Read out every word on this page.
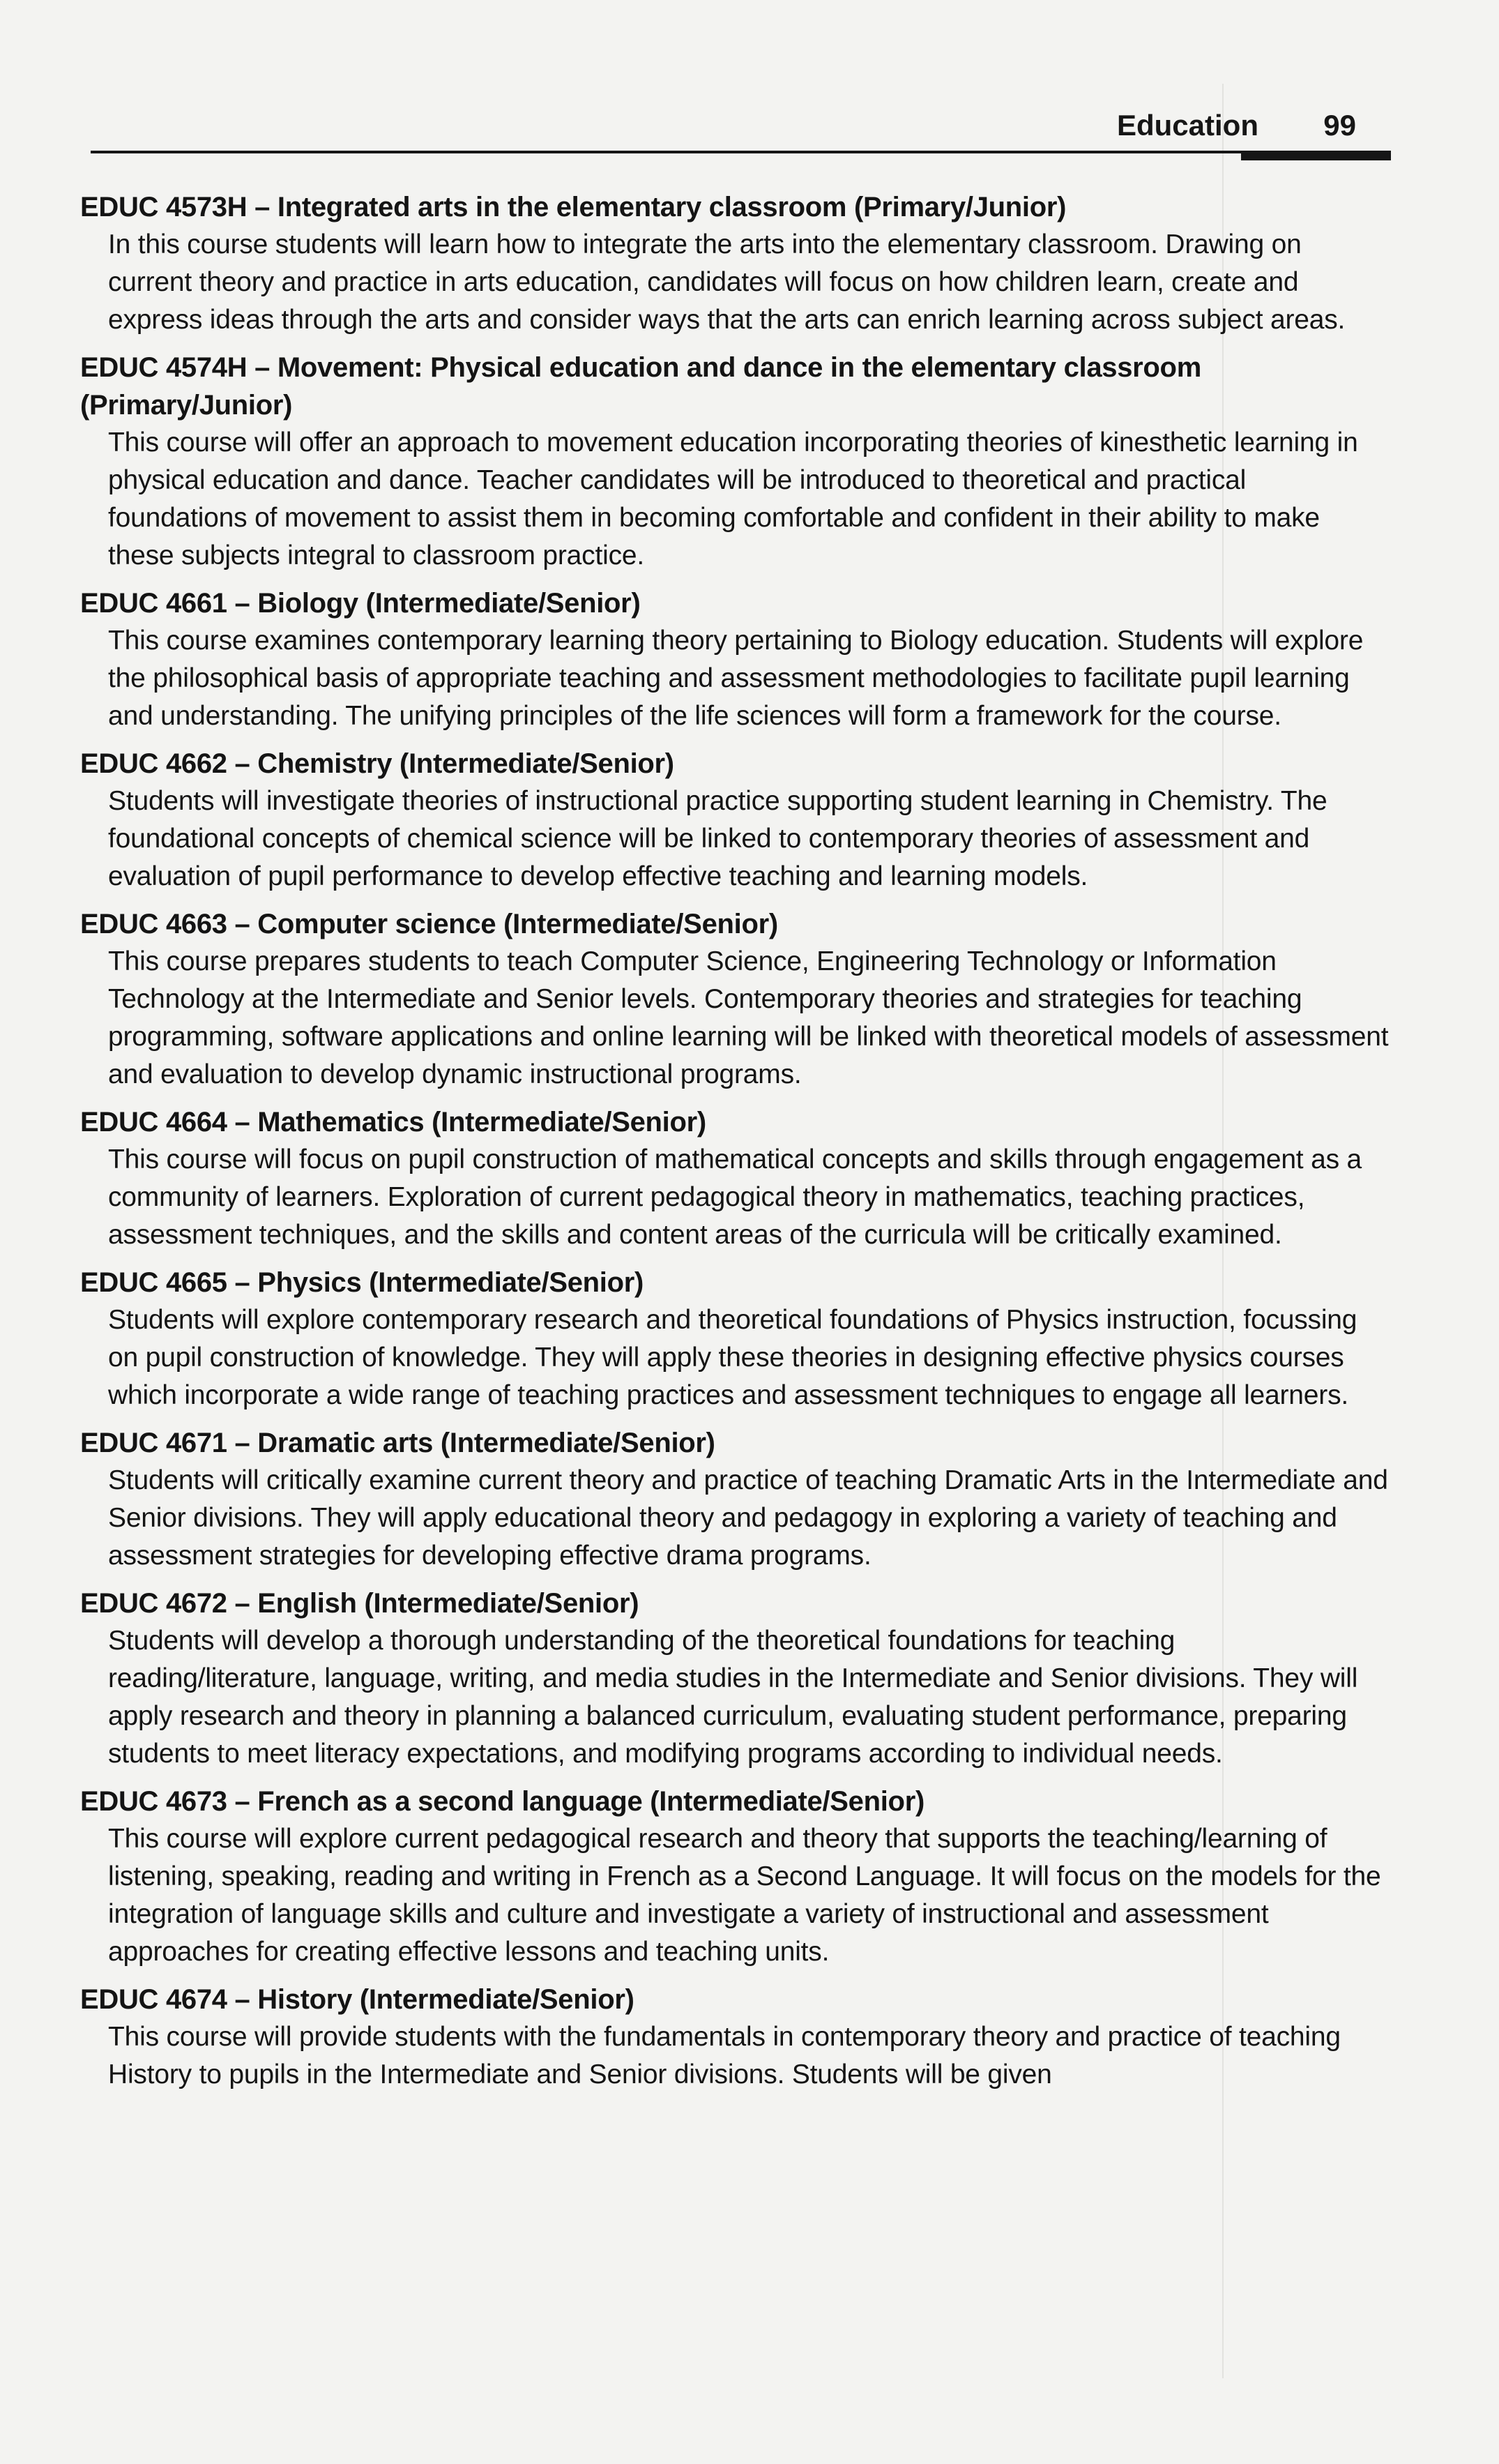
Education 99
EDUC 4573H – Integrated arts in the elementary classroom (Primary/Junior)
In this course students will learn how to integrate the arts into the elementary classroom. Drawing on current theory and practice in arts education, candidates will focus on how children learn, create and express ideas through the arts and consider ways that the arts can enrich learning across subject areas.
EDUC 4574H – Movement: Physical education and dance in the elementary classroom (Primary/Junior)
This course will offer an approach to movement education incorporating theories of kinesthetic learning in physical education and dance. Teacher candidates will be introduced to theoretical and practical foundations of movement to assist them in becoming comfortable and confident in their ability to make these subjects integral to classroom practice.
EDUC 4661 – Biology (Intermediate/Senior)
This course examines contemporary learning theory pertaining to Biology education. Students will explore the philosophical basis of appropriate teaching and assessment methodologies to facilitate pupil learning and understanding. The unifying principles of the life sciences will form a framework for the course.
EDUC 4662 – Chemistry (Intermediate/Senior)
Students will investigate theories of instructional practice supporting student learning in Chemistry. The foundational concepts of chemical science will be linked to contemporary theories of assessment and evaluation of pupil performance to develop effective teaching and learning models.
EDUC 4663 – Computer science (Intermediate/Senior)
This course prepares students to teach Computer Science, Engineering Technology or Information Technology at the Intermediate and Senior levels. Contemporary theories and strategies for teaching programming, software applications and online learning will be linked with theoretical models of assessment and evaluation to develop dynamic instructional programs.
EDUC 4664 – Mathematics (Intermediate/Senior)
This course will focus on pupil construction of mathematical concepts and skills through engagement as a community of learners. Exploration of current pedagogical theory in mathematics, teaching practices, assessment techniques, and the skills and content areas of the curricula will be critically examined.
EDUC 4665 – Physics (Intermediate/Senior)
Students will explore contemporary research and theoretical foundations of Physics instruction, focussing on pupil construction of knowledge. They will apply these theories in designing effective physics courses which incorporate a wide range of teaching practices and assessment techniques to engage all learners.
EDUC 4671 – Dramatic arts (Intermediate/Senior)
Students will critically examine current theory and practice of teaching Dramatic Arts in the Intermediate and Senior divisions. They will apply educational theory and pedagogy in exploring a variety of teaching and assessment strategies for developing effective drama programs.
EDUC 4672 – English (Intermediate/Senior)
Students will develop a thorough understanding of the theoretical foundations for teaching reading/literature, language, writing, and media studies in the Intermediate and Senior divisions. They will apply research and theory in planning a balanced curriculum, evaluating student performance, preparing students to meet literacy expectations, and modifying programs according to individual needs.
EDUC 4673 – French as a second language (Intermediate/Senior)
This course will explore current pedagogical research and theory that supports the teaching/learning of listening, speaking, reading and writing in French as a Second Language. It will focus on the models for the integration of language skills and culture and investigate a variety of instructional and assessment approaches for creating effective lessons and teaching units.
EDUC 4674 – History (Intermediate/Senior)
This course will provide students with the fundamentals in contemporary theory and practice of teaching History to pupils in the Intermediate and Senior divisions. Students will be given
